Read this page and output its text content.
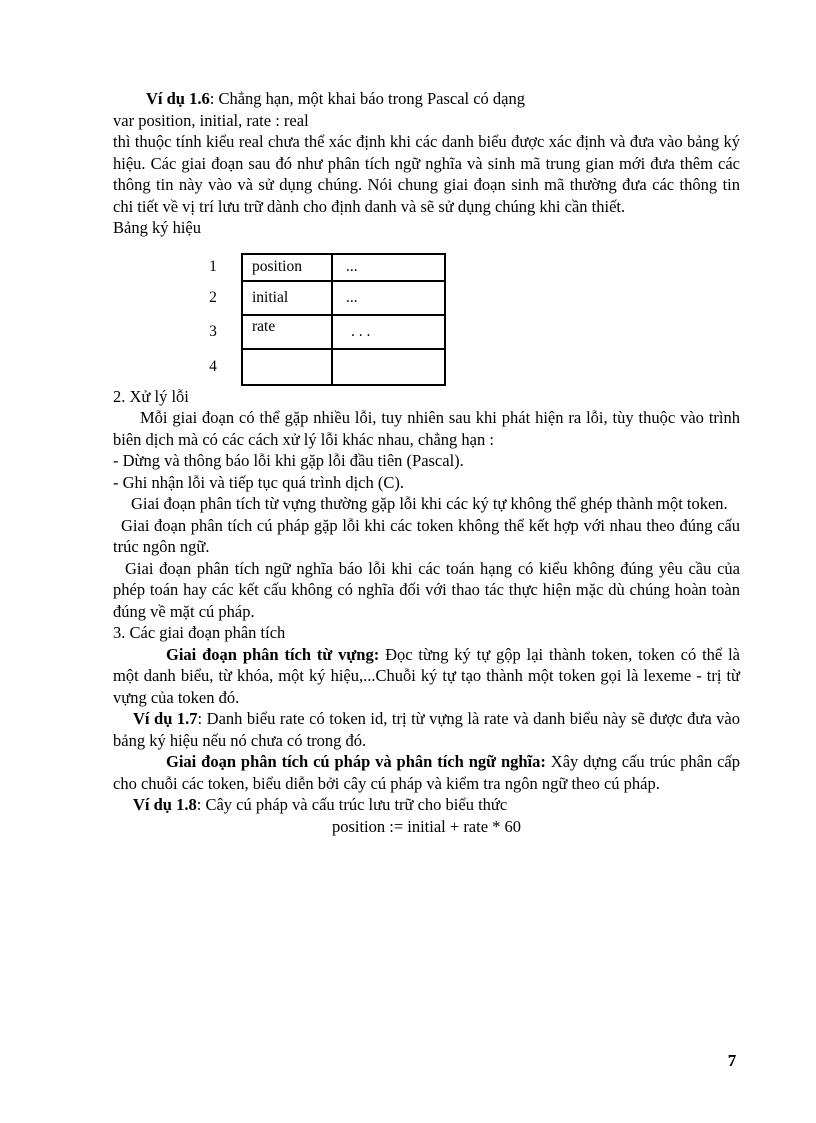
Ví dụ 1.6: Chẳng hạn, một khai báo trong Pascal có dạng

var position, initial, rate : real

thì thuộc tính kiểu real chưa thể xác định khi các danh biểu được xác định và đưa vào bảng ký hiệu. Các giai đoạn sau đó như phân tích ngữ nghĩa và sinh mã trung gian mới đưa thêm các thông tin này vào và sử dụng chúng. Nói chung giai đoạn sinh mã thường đưa các thông tin chi tiết về vị trí lưu trữ dành cho định danh và sẽ sử dụng chúng khi cần thiết.

Bảng ký hiệu

1	position	...
2	initial	...
3	rate	. . .
4		
2. Xử lý lỗi

Mỗi giai đoạn có thể gặp nhiều lỗi, tuy nhiên sau khi phát hiện ra lỗi, tùy thuộc vào trình biên dịch mà có các cách xử lý lỗi khác nhau, chẳng hạn :

- Dừng và thông báo lỗi khi gặp lỗi đầu tiên (Pascal).

- Ghi nhận lỗi và tiếp tục quá trình dịch (C).

Giai đoạn phân tích từ vựng thường gặp lỗi khi các ký tự không thể ghép thành một token.

Giai đoạn phân tích cú pháp gặp lỗi khi các token không thể kết hợp với nhau theo đúng cấu trúc ngôn ngữ.

Giai đoạn phân tích ngữ nghĩa báo lỗi khi các toán hạng có kiểu không đúng yêu cầu của phép toán hay các kết cấu không có nghĩa đối với thao tác thực hiện mặc dù chúng hoàn toàn đúng về mặt cú pháp.

3. Các giai đoạn phân tích

Giai đoạn phân tích từ vựng: Đọc từng ký tự gộp lại thành token, token có thể là một danh biểu, từ khóa, một ký hiệu,...Chuỗi ký tự tạo thành một token gọi là lexeme - trị từ vựng của token đó.

Ví dụ 1.7: Danh biểu rate có token id, trị từ vựng là rate và danh biểu này sẽ được đưa vào bảng ký hiệu nếu nó chưa có trong đó.

Giai đoạn phân tích cú pháp và phân tích ngữ nghĩa: Xây dựng cấu trúc phân cấp cho chuỗi các token, biểu diễn bởi cây cú pháp và kiểm tra ngôn ngữ theo cú pháp.

Ví dụ 1.8: Cây cú pháp và cấu trúc lưu trữ cho biểu thức

position := initial + rate * 60

7
